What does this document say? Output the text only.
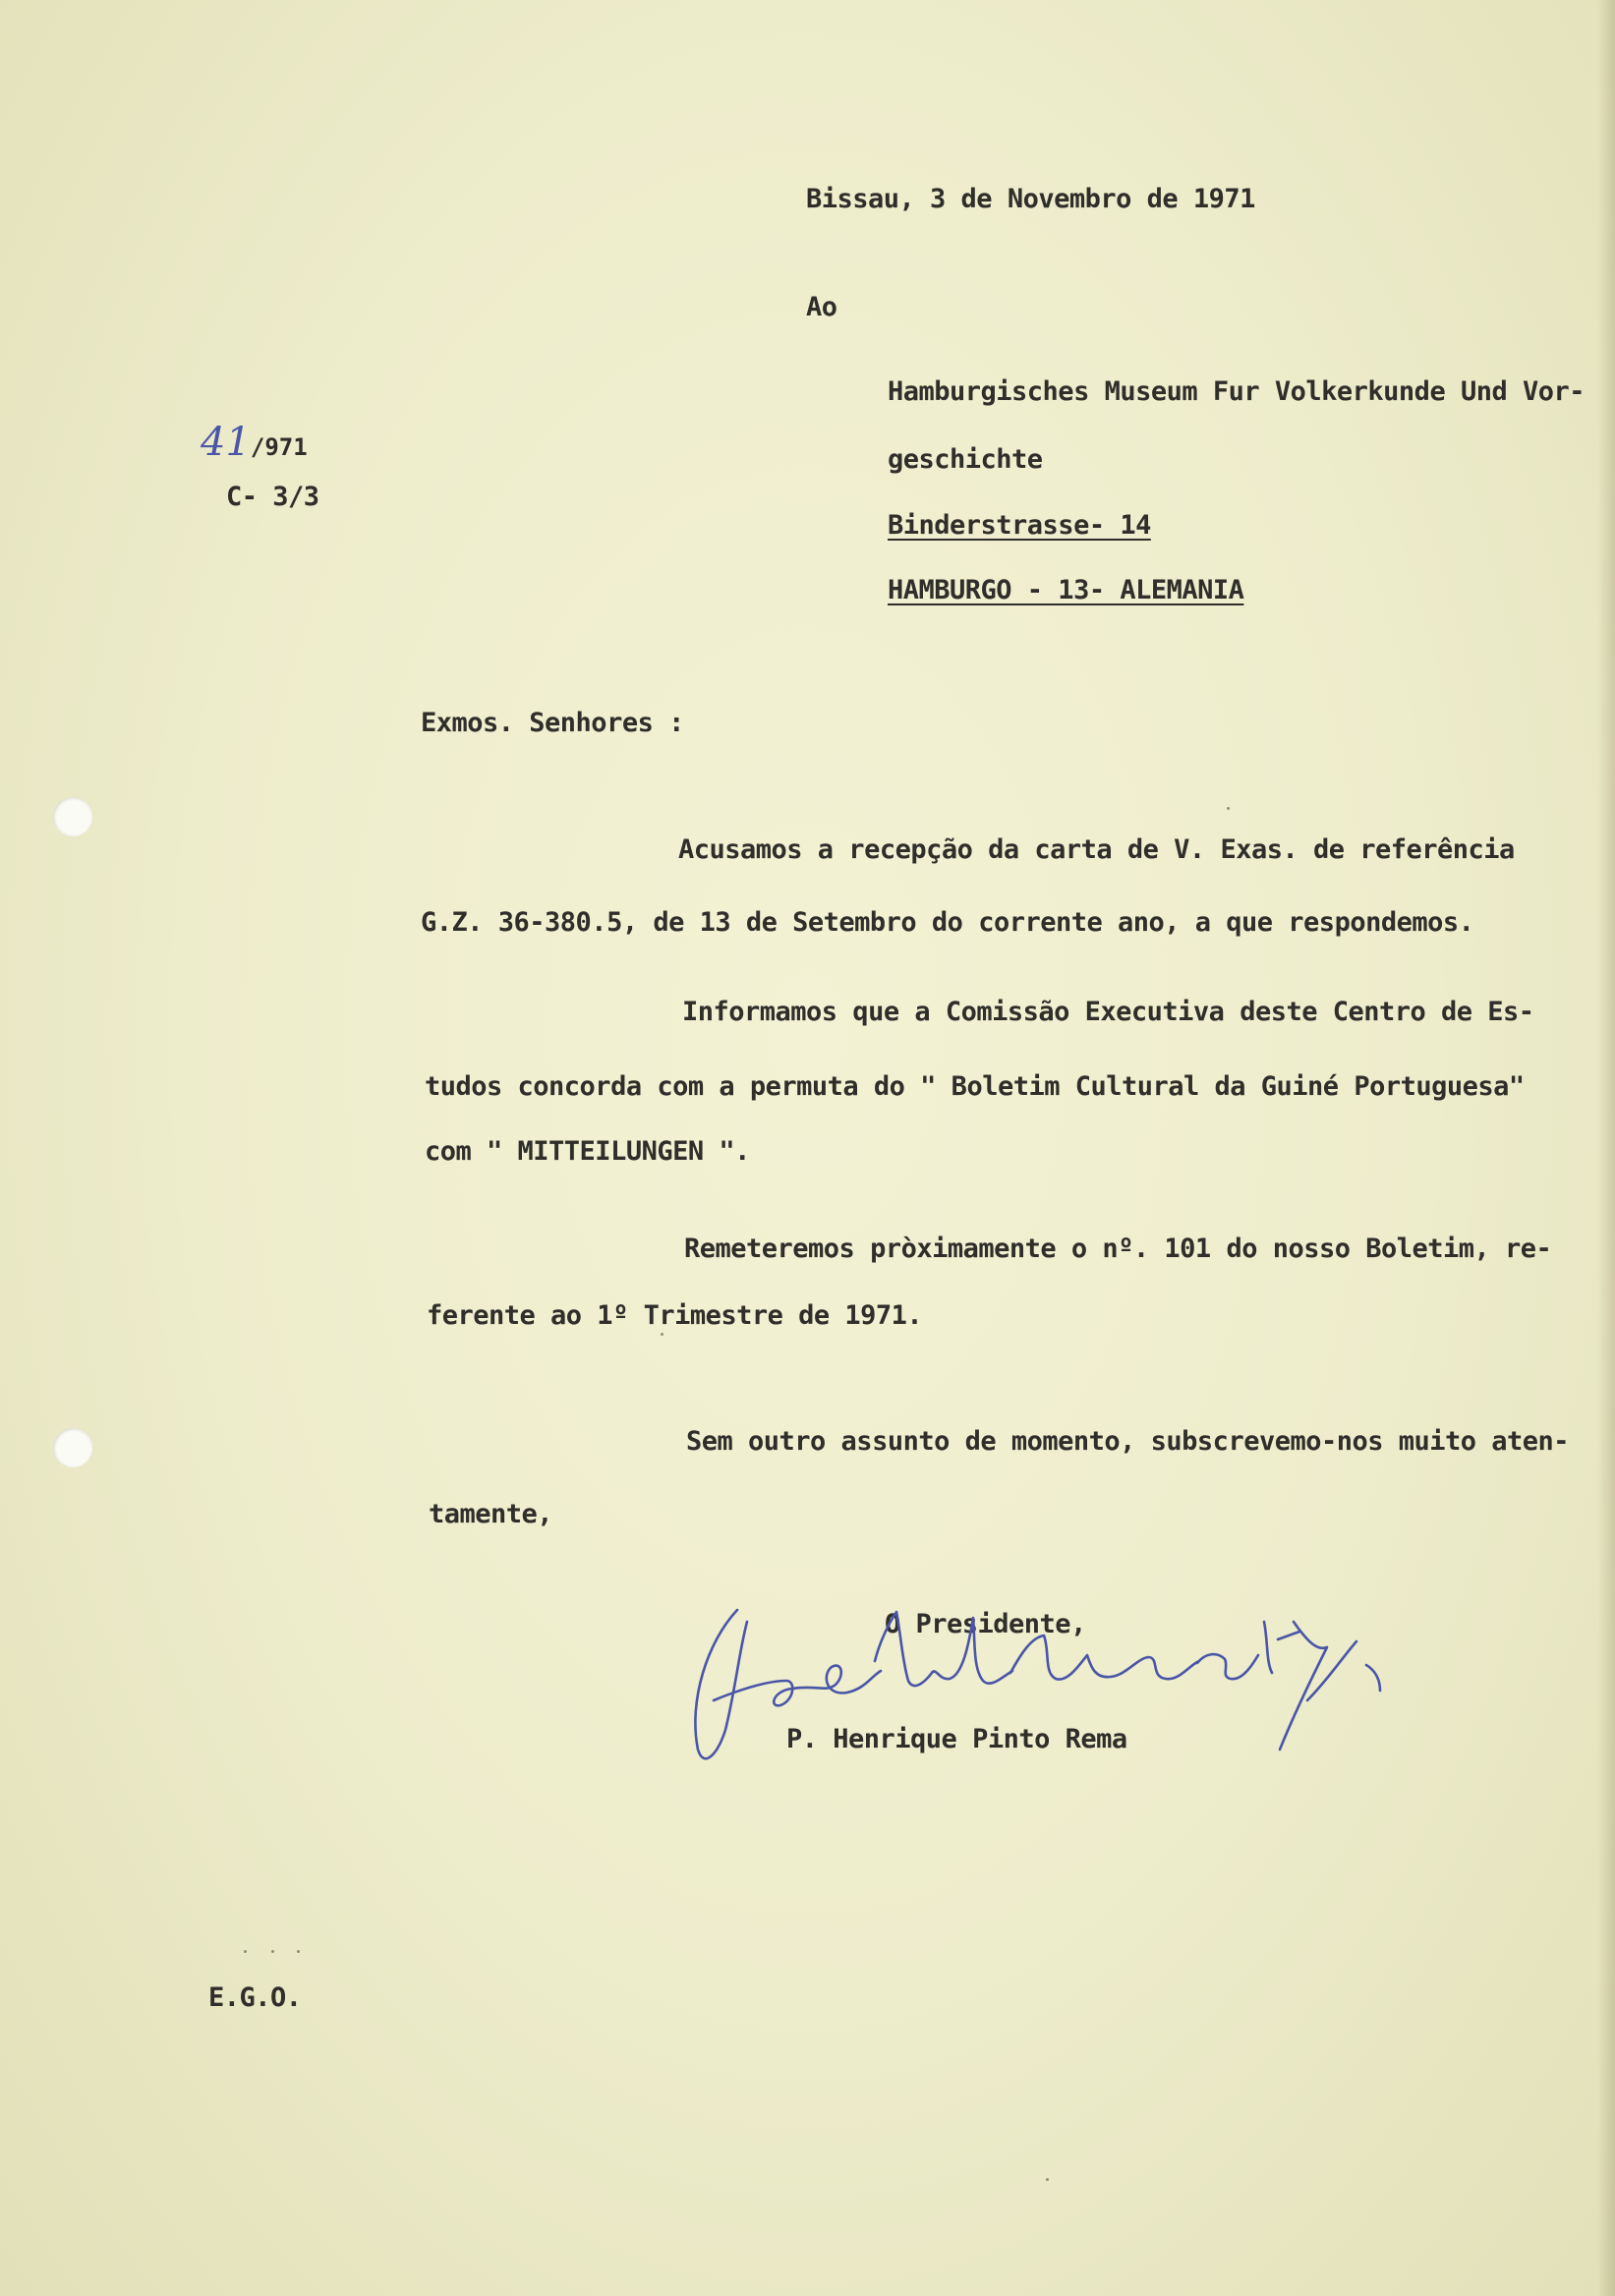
Bissau, 3 de Novembro de 1971
Ao
Hamburgisches Museum Fur Volkerkunde Und Vor-
geschichte
Binderstrasse- 14
HAMBURGO - 13- ALEMANIA
41/971
C- 3/3
Exmos. Senhores :
Acusamos a recepção da carta de V. Exas. de referência
G.Z. 36-380.5, de 13 de Setembro do corrente ano, a que respondemos.
Informamos que a Comissão Executiva deste Centro de Es-
tudos concorda com a permuta do " Boletim Cultural da Guiné Portuguesa"
com " MITTEILUNGEN ".
Remeteremos pròximamente o nº. 101 do nosso Boletim, re-
ferente ao 1º Trimestre de 1971.
Sem outro assunto de momento, subscrevemo-nos muito aten-
tamente,
O Presidente,
P. Henrique Pinto Rema
E.G.O.
